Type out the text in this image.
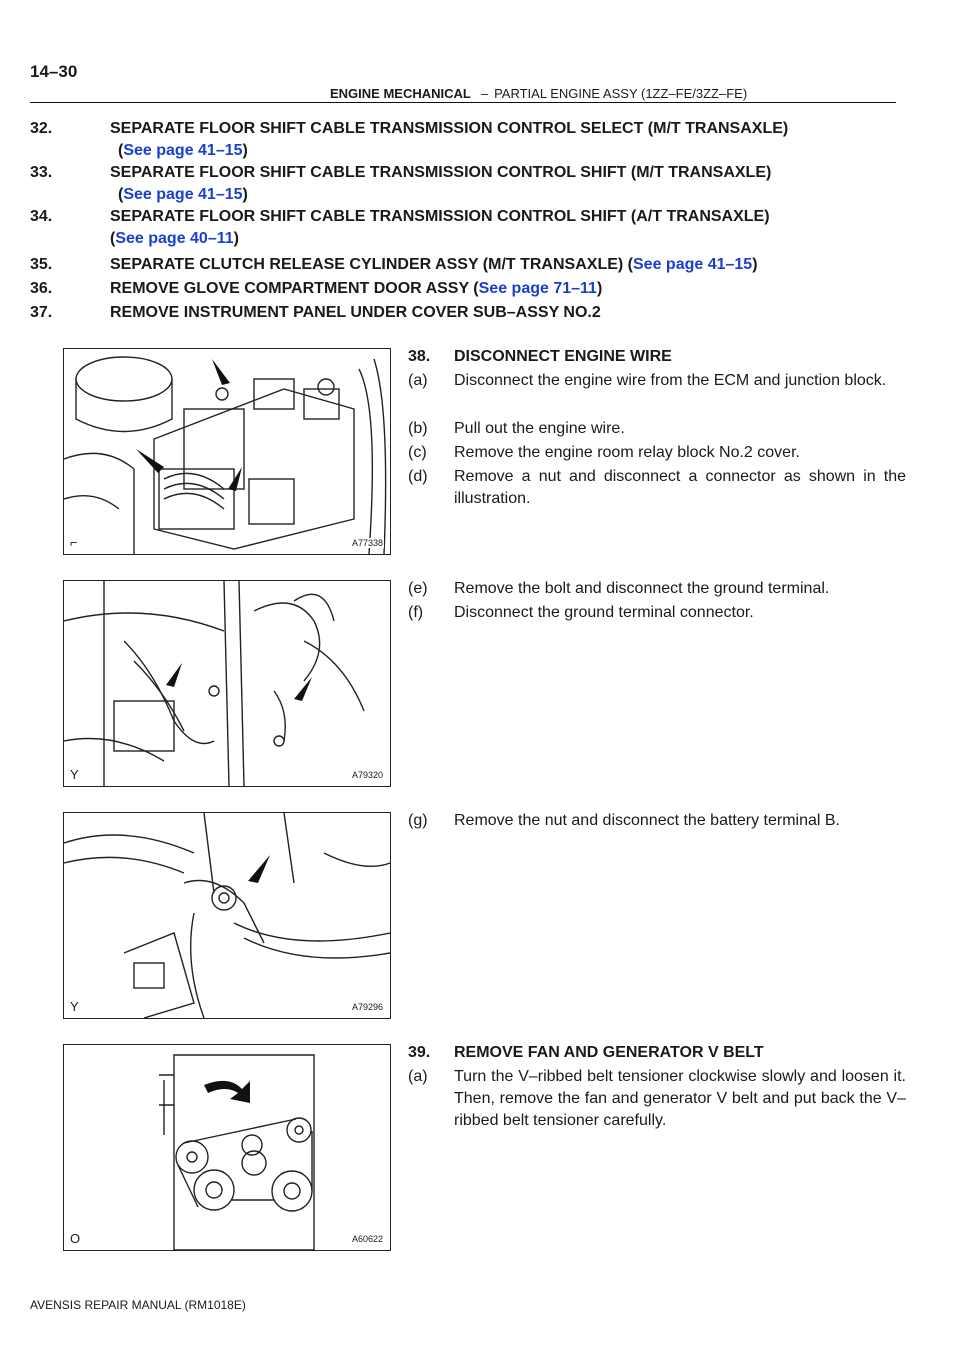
14–30
ENGINE MECHANICAL – PARTIAL ENGINE ASSY (1ZZ–FE/3ZZ–FE)
32.	SEPARATE FLOOR SHIFT CABLE TRANSMISSION CONTROL SELECT (M/T TRANSAXLE)
(See page 41–15)
33.	SEPARATE FLOOR SHIFT CABLE TRANSMISSION CONTROL SHIFT (M/T TRANSAXLE)
(See page 41–15)
34.	SEPARATE FLOOR SHIFT CABLE TRANSMISSION CONTROL SHIFT (A/T TRANSAXLE)
(See page 40–11)
35.	SEPARATE CLUTCH RELEASE CYLINDER ASSY (M/T TRANSAXLE) (See page 41–15)
36.	REMOVE GLOVE COMPARTMENT DOOR ASSY (See page 71–11)
37.	REMOVE INSTRUMENT PANEL UNDER COVER SUB–ASSY NO.2
38. DISCONNECT ENGINE WIRE
(a)	Disconnect the engine wire from the ECM and junction block.
(b)	Pull out the engine wire.
(c)	Remove the engine room relay block No.2 cover.
(d)	Remove a nut and disconnect a connector as shown in the illustration.
(e)	Remove the bolt and disconnect the ground terminal.
(f)	Disconnect the ground terminal connector.
(g)	Remove the nut and disconnect the battery terminal B.
39. REMOVE FAN AND GENERATOR V BELT
(a)	Turn the V–ribbed belt tensioner clockwise slowly and loosen it. Then, remove the fan and generator V belt and put back the V–ribbed belt tensioner carefully.
⌐	A77338
Y	A79320
Y	A79296
O	A60622
AVENSIS REPAIR MANUAL (RM1018E)
